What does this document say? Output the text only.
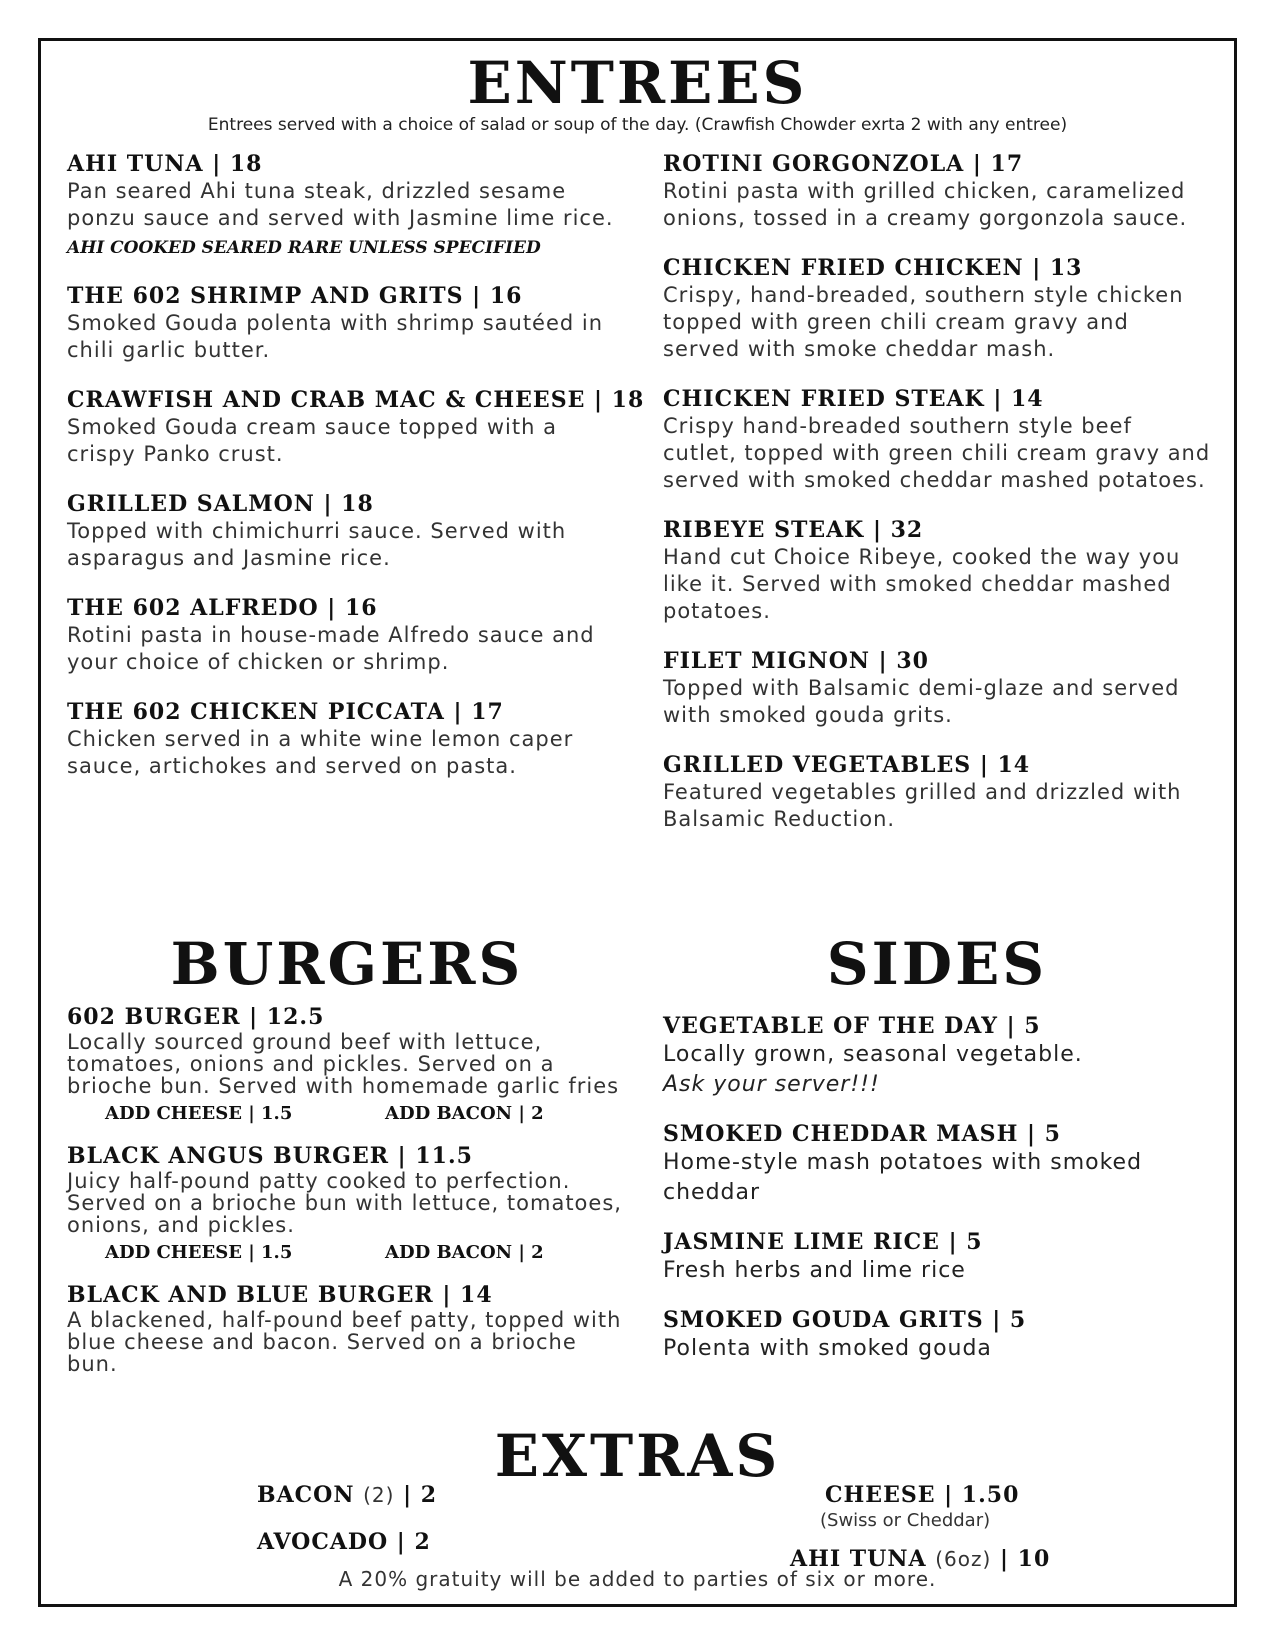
ENTREES
Entrees served with a choice of salad or soup of the day. (Crawfish Chowder exrta 2 with any entree)
AHI TUNA | 18
Pan seared Ahi tuna steak, drizzled sesame ponzu sauce and served with Jasmine lime rice.
AHI COOKED SEARED RARE UNLESS SPECIFIED
THE 602 SHRIMP AND GRITS | 16
Smoked Gouda polenta with shrimp sautéed in chili garlic butter.
CRAWFISH AND CRAB MAC & CHEESE | 18
Smoked Gouda cream sauce topped with a crispy Panko crust.
GRILLED SALMON | 18
Topped with chimichurri sauce. Served with asparagus and Jasmine rice.
THE 602 ALFREDO | 16
Rotini pasta in house-made Alfredo sauce and your choice of chicken or shrimp.
THE 602 CHICKEN PICCATA | 17
Chicken served in a white wine lemon caper sauce, artichokes and served on pasta.
ROTINI GORGONZOLA | 17
Rotini pasta with grilled chicken, caramelized onions, tossed in a creamy gorgonzola sauce.
CHICKEN FRIED CHICKEN | 13
Crispy, hand-breaded, southern style chicken topped with green chili cream gravy and served with smoke cheddar mash.
CHICKEN FRIED STEAK | 14
Crispy hand-breaded southern style beef cutlet, topped with green chili cream gravy and served with smoked cheddar mashed potatoes.
RIBEYE STEAK | 32
Hand cut Choice Ribeye, cooked the way you like it. Served with smoked cheddar mashed potatoes.
FILET MIGNON | 30
Topped with Balsamic demi-glaze and served with smoked gouda grits.
GRILLED VEGETABLES | 14
Featured vegetables grilled and drizzled with Balsamic Reduction.
BURGERS
602 BURGER | 12.5
Locally sourced ground beef with lettuce, tomatoes, onions and pickles. Served on a brioche bun. Served with homemade garlic fries
ADD CHEESE | 1.5	ADD BACON | 2
BLACK ANGUS BURGER | 11.5
Juicy half-pound patty cooked to perfection. Served on a brioche bun with lettuce, tomatoes, onions, and pickles.
ADD CHEESE | 1.5	ADD BACON | 2
BLACK AND BLUE BURGER | 14
A blackened, half-pound beef patty, topped with blue cheese and bacon. Served on a brioche bun.
SIDES
VEGETABLE OF THE DAY | 5
Locally grown, seasonal vegetable.
Ask your server!!!
SMOKED CHEDDAR MASH | 5
Home-style mash potatoes with smoked cheddar
JASMINE LIME RICE | 5
Fresh herbs and lime rice
SMOKED GOUDA GRITS | 5
Polenta with smoked gouda
EXTRAS
BACON (2) | 2
AVOCADO | 2
CHEESE | 1.50
(Swiss or Cheddar)
AHI TUNA (6oz) | 10
A 20% gratuity will be added to parties of six or more.
